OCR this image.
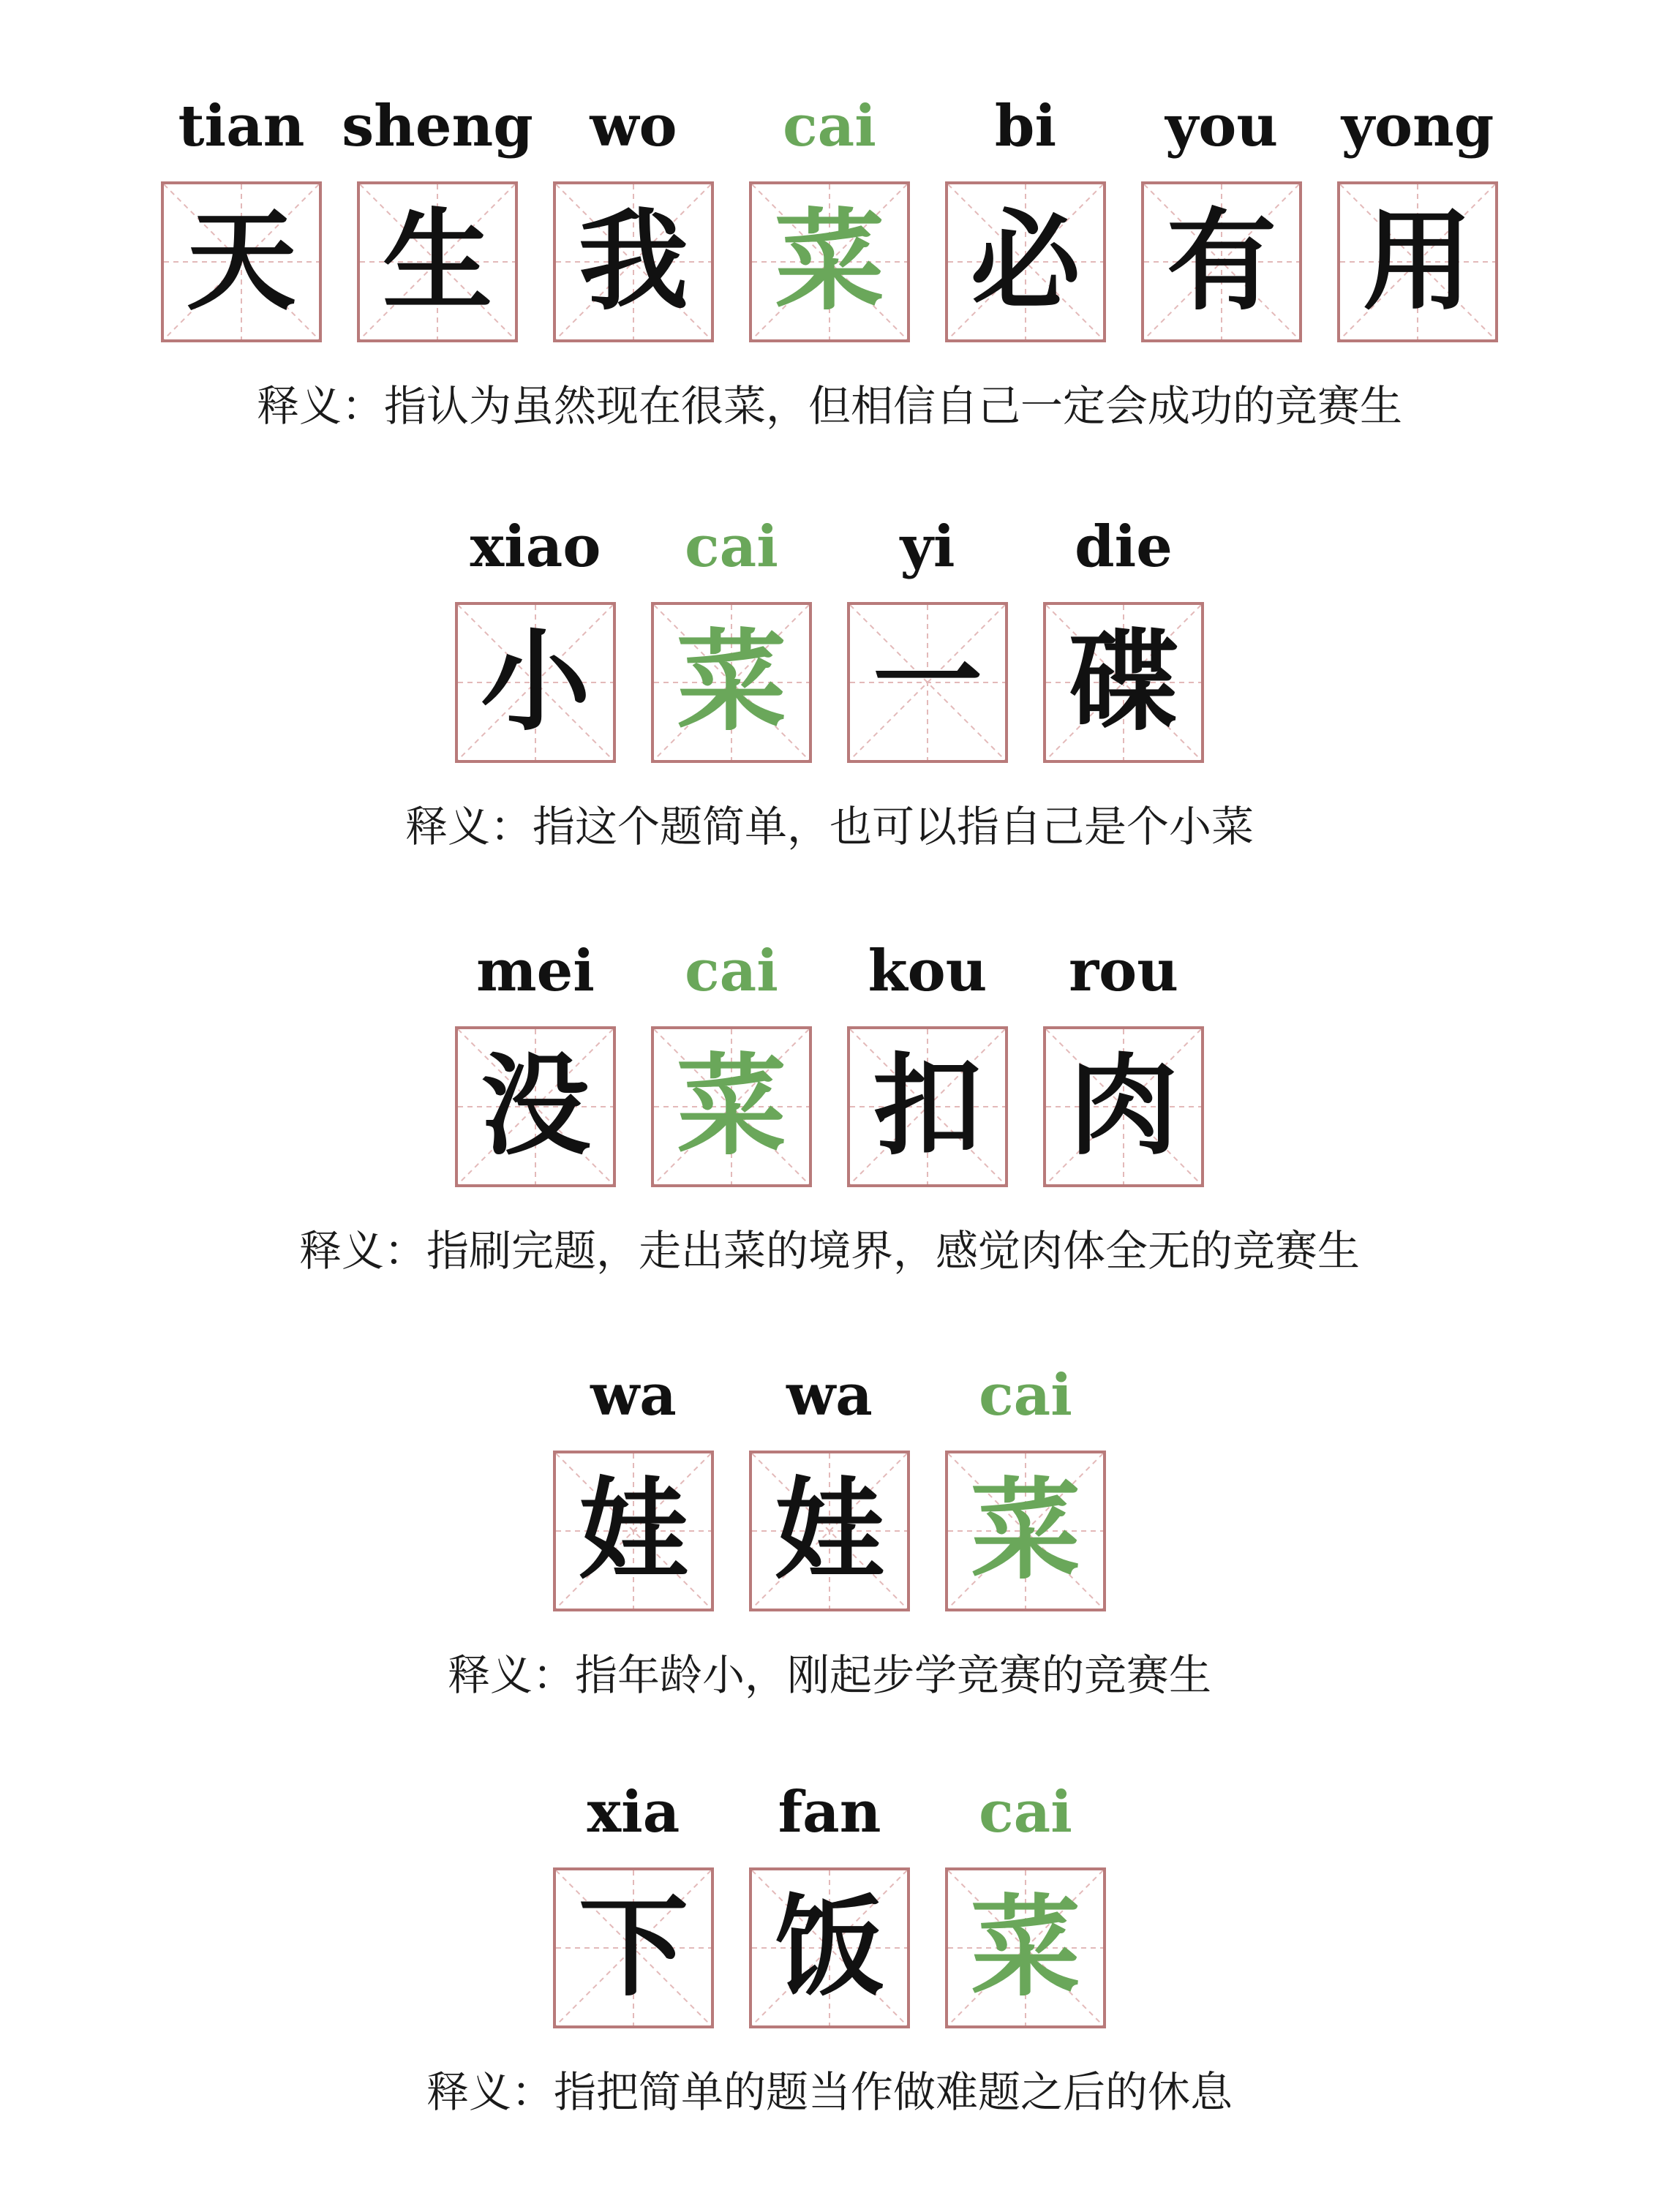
tian
天
sheng
生
wo
我
cai
菜
bi
必
you
有
yong
用
释义：指认为虽然现在很菜，但相信自己一定会成功的竞赛生
xiao
小
cai
菜
yi
一
die
碟
释义：指这个题简单，也可以指自己是个小菜
mei
没
cai
菜
kou
扣
rou
肉
释义：指刷完题，走出菜的境界，感觉肉体全无的竞赛生
wa
娃
wa
娃
cai
菜
释义：指年龄小，刚起步学竞赛的竞赛生
xia
下
fan
饭
cai
菜
释义：指把简单的题当作做难题之后的休息
